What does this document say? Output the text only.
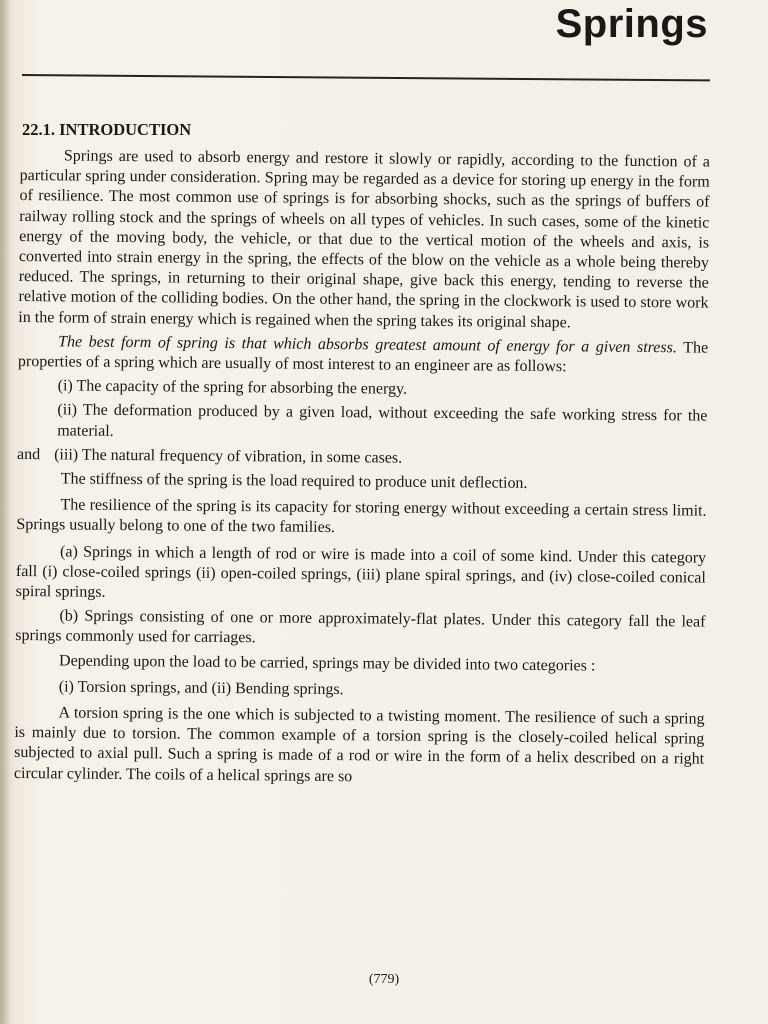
Springs
22.1. INTRODUCTION

Springs are used to absorb energy and restore it slowly or rapidly, according to the function of a particular spring under consideration. Spring may be regarded as a device for storing up energy in the form of resilience. The most common use of springs is for absorbing shocks, such as the springs of buffers of railway rolling stock and the springs of wheels on all types of vehicles. In such cases, some of the kinetic energy of the moving body, the vehicle, or that due to the vertical motion of the wheels and axis, is converted into strain energy in the spring, the effects of the blow on the vehicle as a whole being thereby reduced. The springs, in returning to their original shape, give back this energy, tending to reverse the relative motion of the colliding bodies. On the other hand, the spring in the clockwork is used to store work in the form of strain energy which is regained when the spring takes its original shape.

The best form of spring is that which absorbs greatest amount of energy for a given stress. The properties of a spring which are usually of most interest to an engineer are as follows:

(i) The capacity of the spring for absorbing the energy.

(ii) The deformation produced by a given load, without exceeding the safe working stress for the material.

and (iii) The natural frequency of vibration, in some cases.

The stiffness of the spring is the load required to produce unit deflection.

The resilience of the spring is its capacity for storing energy without exceeding a certain stress limit. Springs usually belong to one of the two families.

(a) Springs in which a length of rod or wire is made into a coil of some kind. Under this category fall (i) close-coiled springs (ii) open-coiled springs, (iii) plane spiral springs, and (iv) close-coiled conical spiral springs.

(b) Springs consisting of one or more approximately-flat plates. Under this category fall the leaf springs commonly used for carriages.

Depending upon the load to be carried, springs may be divided into two categories :

(i) Torsion springs, and (ii) Bending springs.

A torsion spring is the one which is subjected to a twisting moment. The resilience of such a spring is mainly due to torsion. The common example of a torsion spring is the closely-coiled helical spring subjected to axial pull. Such a spring is made of a rod or wire in the form of a helix described on a right circular cylinder. The coils of a helical springs are so

(779)
